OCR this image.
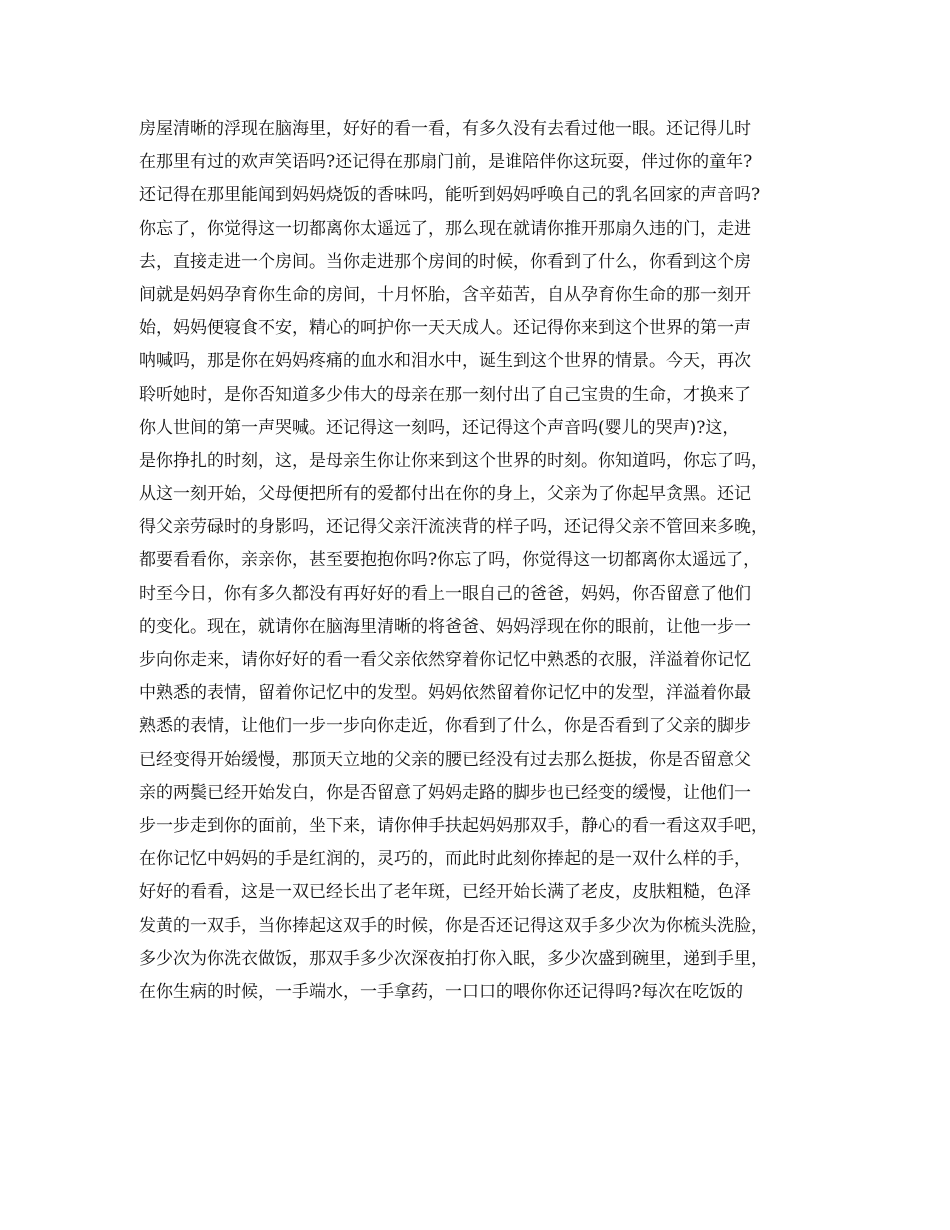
房屋清晰的浮现在脑海里，好好的看一看，有多久没有去看过他一眼。还记得儿时
在那里有过的欢声笑语吗?还记得在那扇门前，是谁陪伴你这玩耍，伴过你的童年?
还记得在那里能闻到妈妈烧饭的香味吗，能听到妈妈呼唤自己的乳名回家的声音吗?
你忘了，你觉得这一切都离你太遥远了，那么现在就请你推开那扇久违的门，走进
去，直接走进一个房间。当你走进那个房间的时候，你看到了什么，你看到这个房
间就是妈妈孕育你生命的房间，十月怀胎，含辛茹苦，自从孕育你生命的那一刻开
始，妈妈便寝食不安，精心的呵护你一天天成人。还记得你来到这个世界的第一声
呐喊吗，那是你在妈妈疼痛的血水和泪水中，诞生到这个世界的情景。今天，再次
聆听她时，是你否知道多少伟大的母亲在那一刻付出了自己宝贵的生命，才换来了
你人世间的第一声哭喊。还记得这一刻吗，还记得这个声音吗(婴儿的哭声)?这，
是你挣扎的时刻，这，是母亲生你让你来到这个世界的时刻。你知道吗，你忘了吗，
从这一刻开始，父母便把所有的爱都付出在你的身上，父亲为了你起早贪黑。还记
得父亲劳碌时的身影吗，还记得父亲汗流浃背的样子吗，还记得父亲不管回来多晚，
都要看看你，亲亲你，甚至要抱抱你吗?你忘了吗，你觉得这一切都离你太遥远了，
时至今日，你有多久都没有再好好的看上一眼自己的爸爸，妈妈，你否留意了他们
的变化。现在，就请你在脑海里清晰的将爸爸、妈妈浮现在你的眼前，让他一步一
步向你走来，请你好好的看一看父亲依然穿着你记忆中熟悉的衣服，洋溢着你记忆
中熟悉的表情，留着你记忆中的发型。妈妈依然留着你记忆中的发型，洋溢着你最
熟悉的表情，让他们一步一步向你走近，你看到了什么，你是否看到了父亲的脚步
已经变得开始缓慢，那顶天立地的父亲的腰已经没有过去那么挺拔，你是否留意父
亲的两鬓已经开始发白，你是否留意了妈妈走路的脚步也已经变的缓慢，让他们一
步一步走到你的面前，坐下来，请你伸手扶起妈妈那双手，静心的看一看这双手吧，
在你记忆中妈妈的手是红润的，灵巧的，而此时此刻你捧起的是一双什么样的手，
好好的看看，这是一双已经长出了老年斑，已经开始长满了老皮，皮肤粗糙，色泽
发黄的一双手，当你捧起这双手的时候，你是否还记得这双手多少次为你梳头洗脸，
多少次为你洗衣做饭，那双手多少次深夜拍打你入眠，多少次盛到碗里，递到手里，
在你生病的时候，一手端水，一手拿药，一口口的喂你你还记得吗?每次在吃饭的
